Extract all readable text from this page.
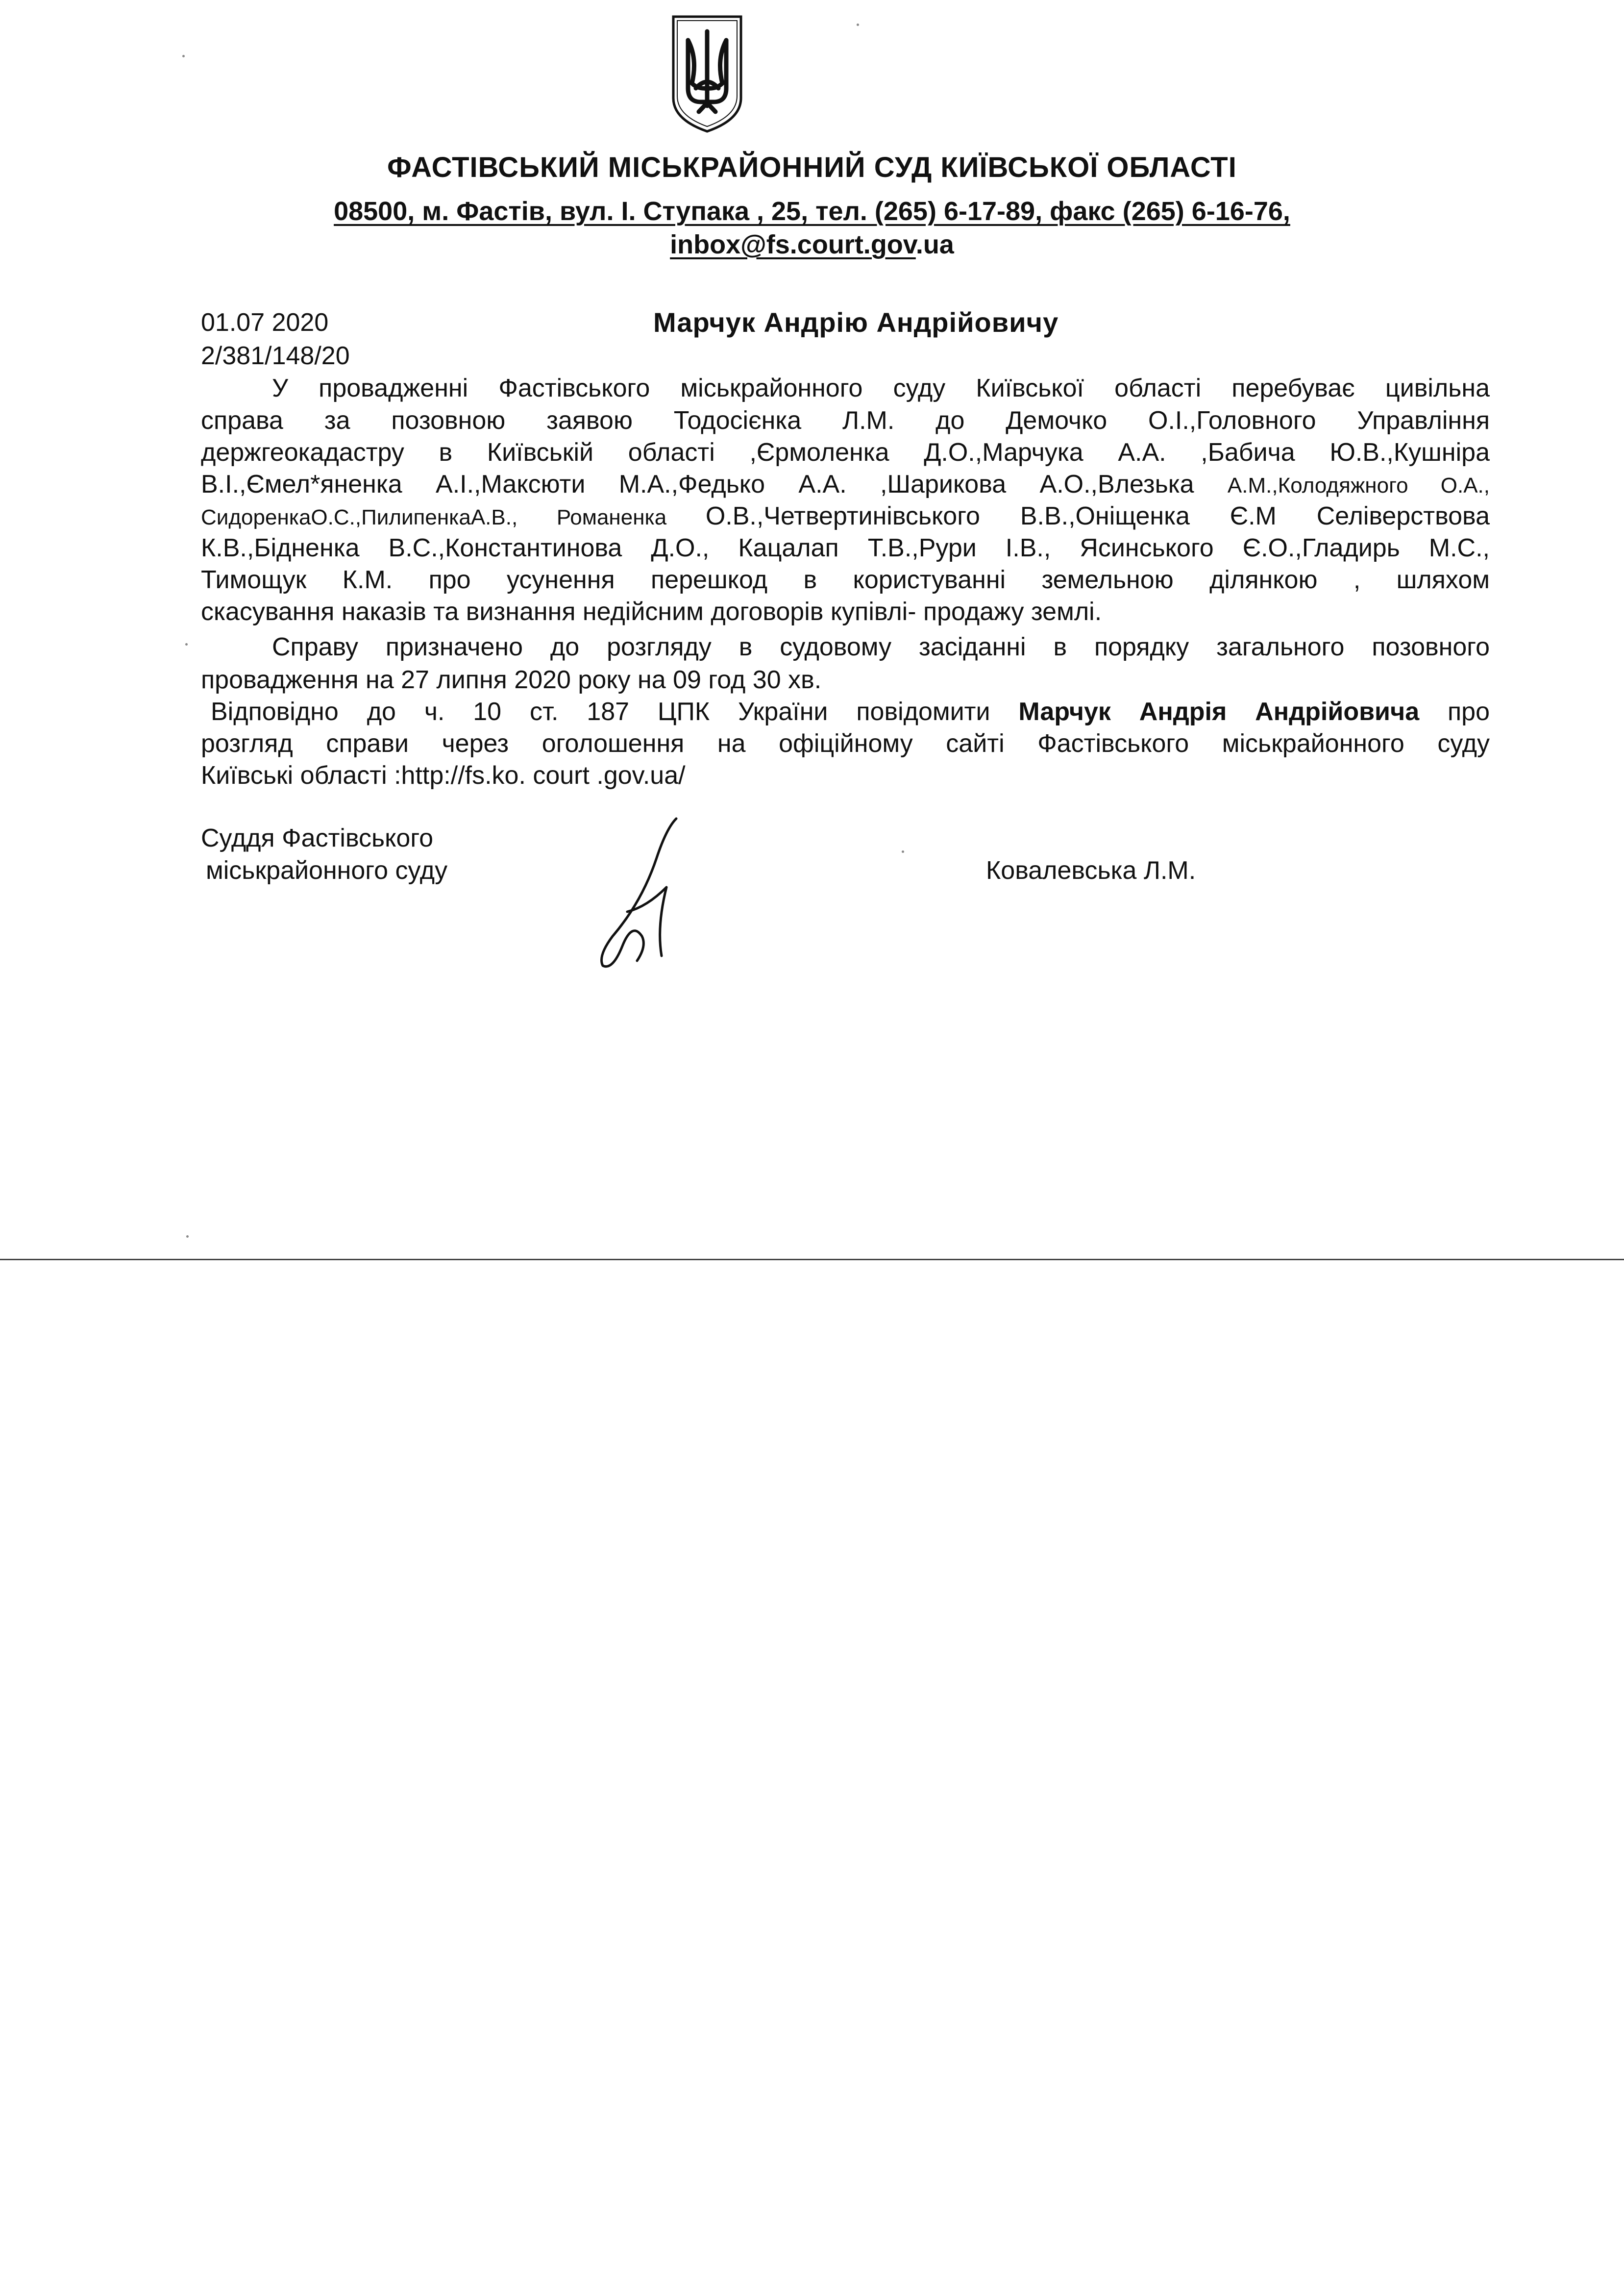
ФАСТІВСЬКИЙ МІСЬКРАЙОННИЙ СУД КИЇВСЬКОЇ ОБЛАСТІ
08500, м. Фастів, вул. І. Ступака , 25, тел. (265) 6-17-89, факс (265) 6-16-76,
inbox@fs.court.gov.ua
01.07 2020
2/381/148/20
Марчук Андрію Андрійовичу
У провадженні Фастівського міськрайонного суду Київської області перебуває цивільна
справа за позовною заявою Тодосієнка Л.М. до Демочко О.І.,Головного Управління
держгеокадастру в Київській області ,Єрмоленка Д.О.,Марчука А.А. ,Бабича Ю.В.,Кушніра
В.І.,Ємел*яненка А.І.,Максюти М.А.,Федько А.А. ,Шарикова А.О.,Влезька А.М.,Колодяжного О.А.,
СидоренкаО.С.,ПилипенкаА.В., Романенка О.В.,Четвертинівського В.В.,Оніщенка Є.М Селіверствова
К.В.,Бідненка В.С.,Константинова Д.О., Кацалап Т.В.,Рури І.В., Ясинського Є.О.,Гладирь М.С.,
Тимощук К.М. про усунення перешкод в користуванні земельною ділянкою , шляхом
скасування наказів та визнання недійсним договорів купівлі- продажу землі.
Справу призначено до розгляду в судовому засіданні в порядку загального позовного
провадження на 27 липня 2020 року на 09 год 30 хв.
Відповідно до ч. 10 ст. 187 ЦПК України повідомити Марчук Андрія Андрійовича про
розгляд справи через оголошення на офіційному сайті Фастівського міськрайонного суду
Київські області :http://fs.ko. court .gov.ua/
Суддя Фастівського
міськрайонного суду	Ковалевська Л.М.
